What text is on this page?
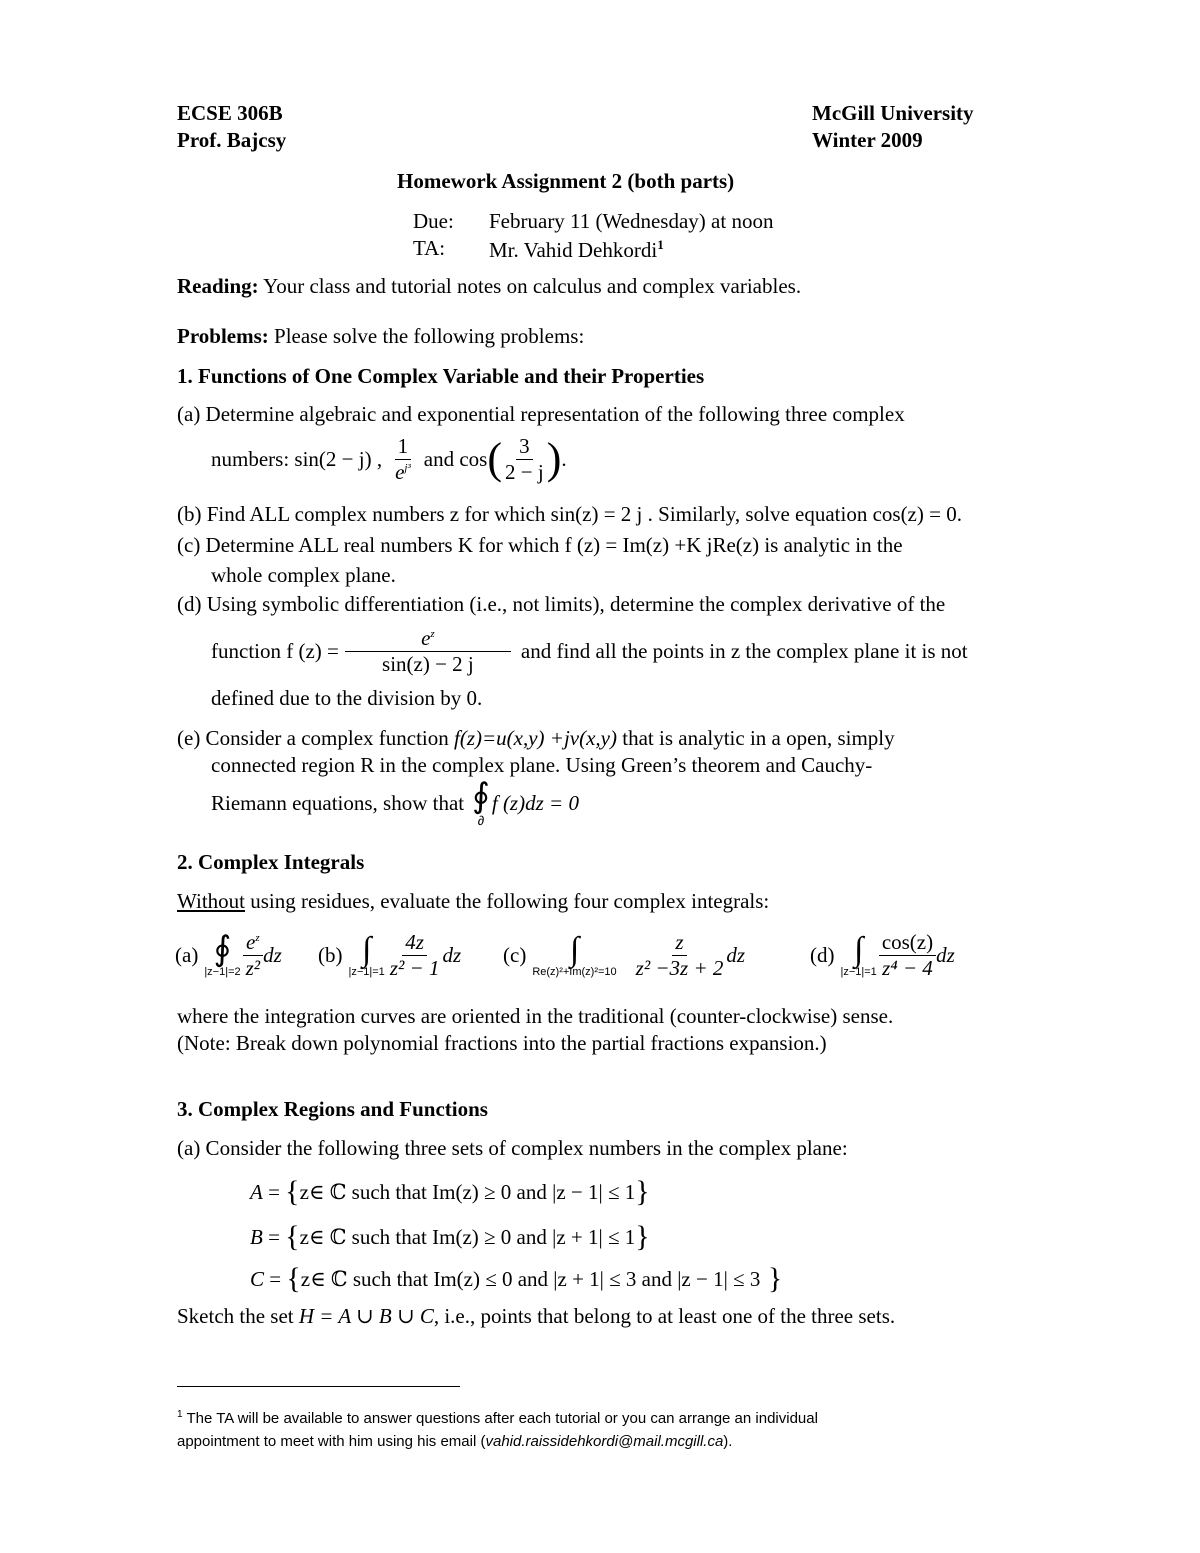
ECSE 306B
Prof. Bajcsy
McGill University
Winter 2009
Homework Assignment 2 (both parts)
Due: February 11 (Wednesday) at noon
TA: Mr. Vahid Dehkordi$^1$
Reading: Your class and tutorial notes on calculus and complex variables.
Problems: Please solve the following problems:
1. Functions of One Complex Variable and their Properties
(a) Determine algebraic and exponential representation of the following three complex
numbers: sin(2 − j) , $\frac{1}{e^{j^3}}$ and cos ( $\frac{3}{2 - j}$ ) .
(b) Find ALL complex numbers z for which sin(z) = 2 j . Similarly, solve equation cos(z) = 0.
(c) Determine ALL real numbers K for which f (z) = Im(z) +K jRe(z) is analytic in the
whole complex plane.
(d) Using symbolic differentiation (i.e., not limits), determine the complex derivative of the
function f $(z) = \frac{e^z}{\sin(z) - 2 j}$ and find all the points in z the complex plane it is not
defined due to the division by 0.
(e) Consider a complex function f(z)=u(x,y) +jv(x,y) that is analytic in a open, simply
connected region R in the complex plane. Using Green’s theorem and Cauchy-
Riemann equations, show that ∮
∂
f (z)dz = 0
2. Complex Integrals
Without using residues, evaluate the following four complex integrals:
(a) ∮
$|z-1|=2 \frac{e^z}{\text{z²}}$ dz (b) ∫
$|z-1|=1 \frac{4z}{\text{z² − 1}}$ dz (c) ∫
$Re(z)^2+Im(z)^2=10 \frac{z}{\text{z² −3z + 2}}$ dz	(d) ∫
$|z-1|=1 \frac{\cos(z)}{\text{z⁴ − 4}}$ dz
where the integration curves are oriented in the traditional (counter-clockwise) sense.
(Note: Break down polynomial fractions into the partial fractions expansion.)
3. Complex Regions and Functions
(a) Consider the following three sets of complex numbers in the complex plane:
A = { z∈ ℂ such that Im(z) ≥ 0 and |z − 1| ≤ 1 }
B = { z∈ ℂ such that Im(z) ≥ 0 and |z + 1| ≤ 1 }
C = { z∈ ℂ such that Im(z) ≤ 0 and |z + 1| ≤ 3 and |z − 1| ≤ 3 }
Sketch the set H = A ∪ B ∪ C, i.e., points that belong to at least one of the three sets.
$^1$ The TA will be available to answer questions after each tutorial or you can arrange an individual
appointment to meet with him using his email (vahid.raissidehkordi@mail.mcgill.ca).
